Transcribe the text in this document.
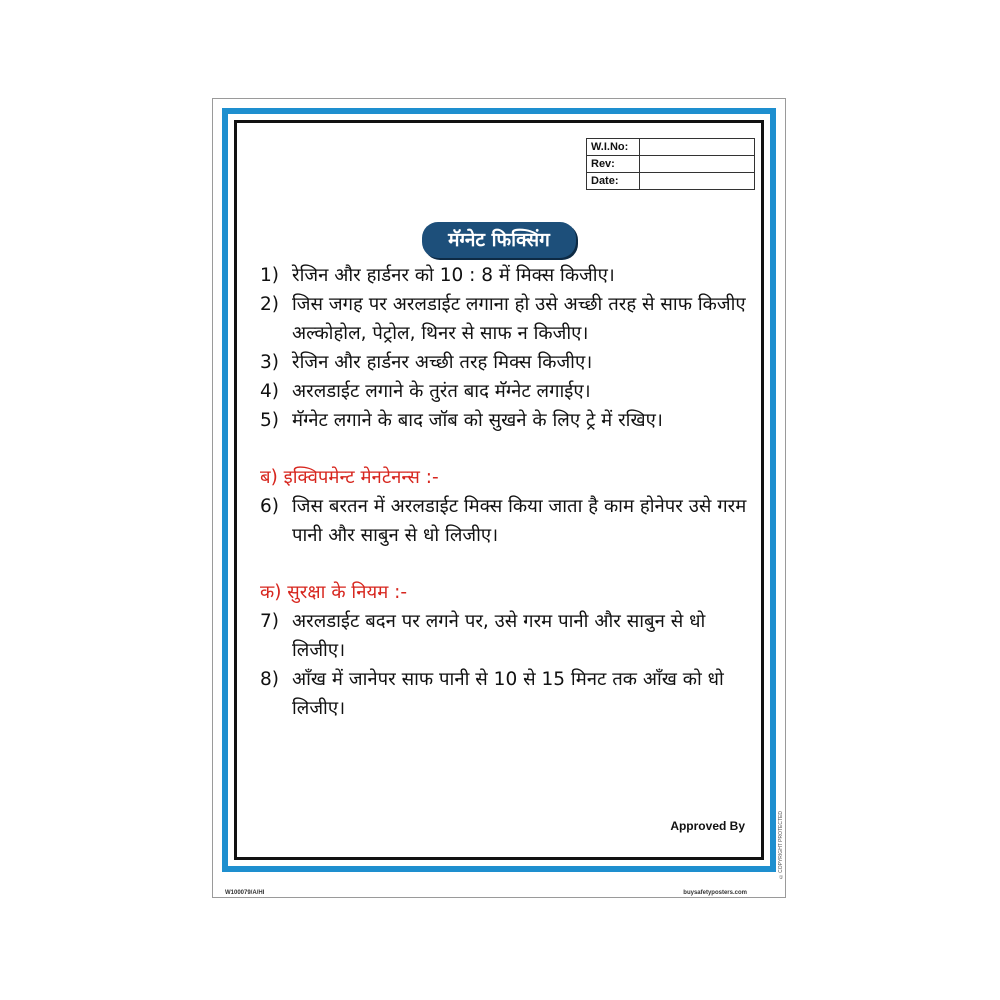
W.I.No:	
Rev:	
Date:	
मॅग्नेट फिक्सिंग
1) रेजिन और हार्डनर को 10 : 8 में मिक्स किजीए।
2) जिस जगह पर अरलडाईट लगाना हो उसे अच्छी तरह से साफ किजीए अल्कोहोल, पेट्रोल, थिनर से साफ न किजीए।
3) रेजिन और हार्डनर अच्छी तरह मिक्स किजीए।
4) अरलडाईट लगाने के तुरंत बाद मॅग्नेट लगाईए।
5) मॅग्नेट लगाने के बाद जॉब को सुखने के लिए ट्रे में रखिए।
ब) इक्विपमेन्ट मेनटेनन्स :-
6) जिस बरतन में अरलडाईट मिक्स किया जाता है काम होनेपर उसे गरम पानी और साबुन से धो लिजीए।
क) सुरक्षा के नियम :-
7) अरलडाईट बदन पर लगने पर, उसे गरम पानी और साबुन से धो लिजीए।
8) आँख में जानेपर साफ पानी से 10 से 15 मिनट तक आँख को धो लिजीए।
Approved By
W100079/A/HI	buysafetyposters.com
©COPYRIGHT PROTECTED
